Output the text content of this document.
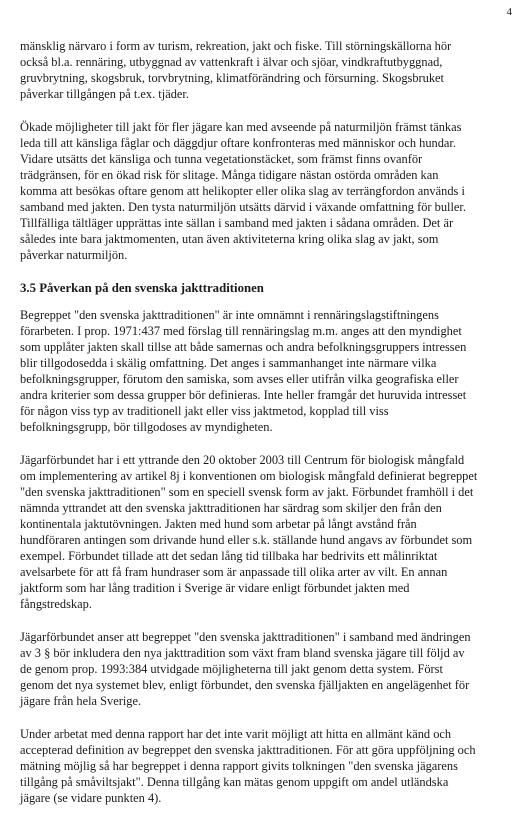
4

mänsklig närvaro i form av turism, rekreation, jakt och fiske. Till störningskällorna hör
också bl.a. rennäring, utbyggnad av vattenkraft i älvar och sjöar, vindkraftutbyggnad,
gruvbrytning, skogsbruk, torvbrytning, klimatförändring och försurning. Skogsbruket
påverkar tillgången på t.ex. tjäder.

Ökade möjligheter till jakt för fler jägare kan med avseende på naturmiljön främst tänkas
leda till att känsliga fåglar och däggdjur oftare konfronteras med människor och hundar.
Vidare utsätts det känsliga och tunna vegetationstäcket, som främst finns ovanför
trädgränsen, för en ökad risk för slitage. Många tidigare nästan ostörda områden kan
komma att besökas oftare genom att helikopter eller olika slag av terrängfordon används i
samband med jakten. Den tysta naturmiljön utsätts därvid i växande omfattning för buller.
Tillfälliga tältläger upprättas inte sällan i samband med jakten i sådana områden. Det är
således inte bara jaktmomenten, utan även aktiviteterna kring olika slag av jakt, som
påverkar naturmiljön.

3.5 Påverkan på den svenska jakttraditionen

Begreppet "den svenska jakttraditionen" är inte omnämnt i rennäringslagstiftningens
förarbeten. I prop. 1971:437 med förslag till rennäringslag m.m. anges att den myndighet
som upplåter jakten skall tillse att både samernas och andra befolkningsgruppers intressen
blir tillgodosedda i skälig omfattning. Det anges i sammanhanget inte närmare vilka
befolkningsgrupper, förutom den samiska, som avses eller utifrån vilka geografiska eller
andra kriterier som dessa grupper bör definieras. Inte heller framgår det huruvida intresset
för någon viss typ av traditionell jakt eller viss jaktmetod, kopplad till viss
befolkningsgrupp, bör tillgodoses av myndigheten.

Jägarförbundet har i ett yttrande den 20 oktober 2003 till Centrum för biologisk mångfald
om implementering av artikel 8j i konventionen om biologisk mångfald definierat begreppet
"den svenska jakttraditionen" som en speciell svensk form av jakt. Förbundet framhöll i det
nämnda yttrandet att den svenska jakttraditionen har särdrag som skiljer den från den
kontinentala jaktutövningen. Jakten med hund som arbetar på långt avstånd från
hundföraren antingen som drivande hund eller s.k. ställande hund angavs av förbundet som
exempel. Förbundet tillade att det sedan lång tid tillbaka har bedrivits ett målinriktat
avelsarbete för att få fram hundraser som är anpassade till olika arter av vilt. En annan
jaktform som har lång tradition i Sverige är vidare enligt förbundet jakten med
fångstredskap.

Jägarförbundet anser att begreppet "den svenska jakttraditionen" i samband med ändringen
av 3 § bör inkludera den nya jakttradition som växt fram bland svenska jägare till följd av
de genom prop. 1993:384 utvidgade möjligheterna till jakt genom detta system. Först
genom det nya systemet blev, enligt förbundet, den svenska fjälljakten en angelägenhet för
jägare från hela Sverige.

Under arbetat med denna rapport har det inte varit möjligt att hitta en allmänt känd och
accepterad definition av begreppet den svenska jakttraditionen. För att göra uppföljning och
mätning möjlig så har begreppet i denna rapport givits tolkningen "den svenska jägarens
tillgång på småviltsjakt". Denna tillgång kan mätas genom uppgift om andel utländska
jägare (se vidare punkten 4).
